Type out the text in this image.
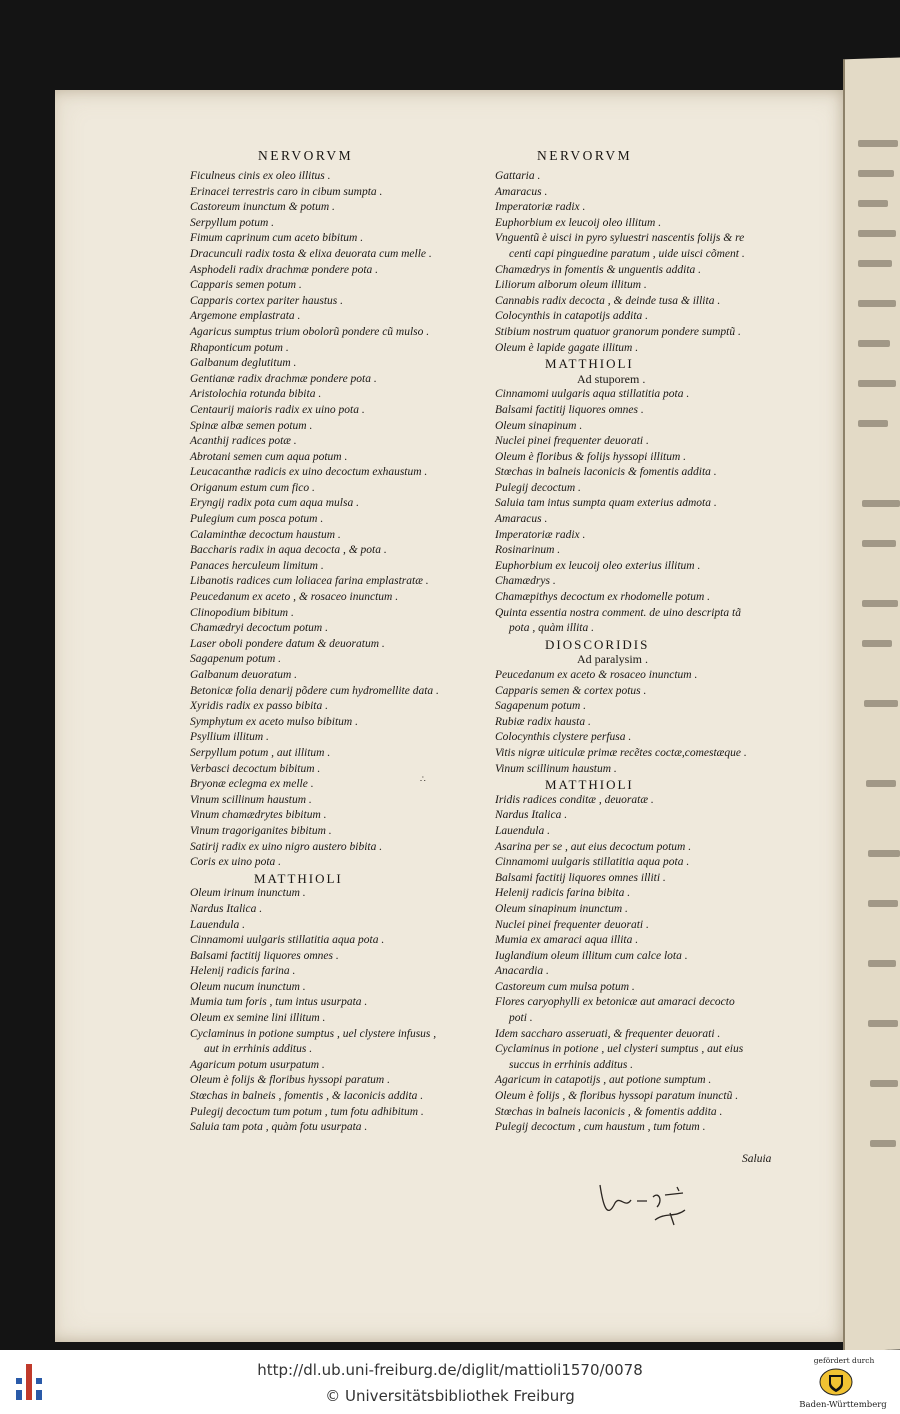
NERVORVM
Ficulneus cinis ex oleo illitus .
Erinacei terrestris caro in cibum sumpta .
Castoreum inunctum & potum .
Serpyllum potum .
Fimum caprinum cum aceto bibitum .
Dracunculi radix tosta & elixa deuorata cum melle .
Asphodeli radix drachmæ pondere pota .
Capparis semen potum .
Capparis cortex pariter haustus .
Argemone emplastrata .
Agaricus sumptus trium obolorũ pondere cũ mulso .
Rhaponticum potum .
Galbanum deglutitum .
Gentianæ radix drachmæ pondere pota .
Aristolochia rotunda bibita .
Centaurij maioris radix ex uino pota .
Spinæ albæ semen potum .
Acanthij radices potæ .
Abrotani semen cum aqua potum .
Leucacanthæ radicis ex uino decoctum exhaustum .
Origanum estum cum fico .
Eryngij radix pota cum aqua mulsa .
Pulegium cum posca potum .
Calaminthæ decoctum haustum .
Baccharis radix in aqua decocta , & pota .
Panaces herculeum limitum .
Libanotis radices cum loliacea farina emplastratæ .
Peucedanum ex aceto , & rosaceo inunctum .
Clinopodium bibitum .
Chamædryi decoctum potum .
Laser oboli pondere datum & deuoratum .
Sagapenum potum .
Galbanum deuoratum .
Betonicæ folia denarij põdere cum hydromellite data .
Xyridis radix ex passo bibita .
Symphytum ex aceto mulso bibitum .
Psyllium illitum .
Serpyllum potum , aut illitum .
Verbasci decoctum bibitum .
Bryonæ eclegma ex melle .
Vinum scillinum haustum .
Vinum chamædrytes bibitum .
Vinum tragoriganites bibitum .
Satirij radix ex uino nigro austero bibita .
Coris ex uino pota .
MATTHIOLI
Oleum irinum inunctum .
Nardus Italica .
Lauendula .
Cinnamomi uulgaris stillatitia aqua pota .
Balsami factitij liquores omnes .
Helenij radicis farina .
Oleum nucum inunctum .
Mumia tum foris , tum intus usurpata .
Oleum ex semine lini illitum .
Cyclaminus in potione sumptus , uel clystere infusus ,
aut in errhinis additus .
Agaricum potum usurpatum .
Oleum è folijs & floribus hyssopi paratum .
Stœchas in balneis , fomentis , & laconicis addita .
Pulegij decoctum tum potum , tum fotu adhibitum .
Saluia tam pota , quàm fotu usurpata .
NERVORVM
Gattaria .
Amaracus .
Imperatoriæ radix .
Euphorbium ex leucoij oleo illitum .
Vnguentũ è uisci in pyro syluestri nascentis folijs & re
centi capi pinguedine paratum , uide uisci cõment .
Chamædrys in fomentis & unguentis addita .
Liliorum alborum oleum illitum .
Cannabis radix decocta , & deinde tusa & illita .
Colocynthis in catapotijs addita .
Stibium nostrum quatuor granorum pondere sumptũ .
Oleum è lapide gagate illitum .
MATTHIOLI
Ad stuporem .
Cinnamomi uulgaris aqua stillatitia pota .
Balsami factitij liquores omnes .
Oleum sinapinum .
Nuclei pinei frequenter deuorati .
Oleum è floribus & folijs hyssopi illitum .
Stœchas in balneis laconicis & fomentis addita .
Pulegij decoctum .
Saluia tam intus sumpta quam exterius admota .
Amaracus .
Imperatoriæ radix .
Rosinarinum .
Euphorbium ex leucoij oleo exterius illitum .
Chamædrys .
Chamæpithys decoctum ex rhodomelle potum .
Quinta essentia nostra comment. de uino descripta tã
pota , quàm illita .
DIOSCORIDIS
Ad paralysim .
Peucedanum ex aceto & rosaceo inunctum .
Capparis semen & cortex potus .
Sagapenum potum .
Rubiæ radix hausta .
Colocynthis clystere perfusa .
Vitis nigræ uiticulæ primæ recẽtes coctæ,comestæque .
Vinum scillinum haustum .
MATTHIOLI
Iridis radices conditæ , deuoratæ .
Nardus Italica .
Lauendula .
Asarina per se , aut eius decoctum potum .
Cinnamomi uulgaris stillatitia aqua pota .
Balsami factitij liquores omnes illiti .
Helenij radicis farina bibita .
Oleum sinapinum inunctum .
Nuclei pinei frequenter deuorati .
Mumia ex amaraci aqua illita .
Iuglandium oleum illitum cum calce lota .
Anacardia .
Castoreum cum mulsa potum .
Flores caryophylli ex betonicæ aut amaraci decocto
poti .
Idem saccharo asseruati, & frequenter deuorati .
Cyclaminus in potione , uel clysteri sumptus , aut eius
succus in errhinis additus .
Agaricum in catapotijs , aut potione sumptum .
Oleum è folijs , & floribus hyssopi paratum inunctũ .
Stœchas in balneis laconicis , & fomentis addita .
Pulegij decoctum , cum haustum , tum fotum .
Saluia
∴
http://dl.ub.uni-freiburg.de/diglit/mattioli1570/0078
© Universitätsbibliothek Freiburg
gefördert durch
Baden-Württemberg
